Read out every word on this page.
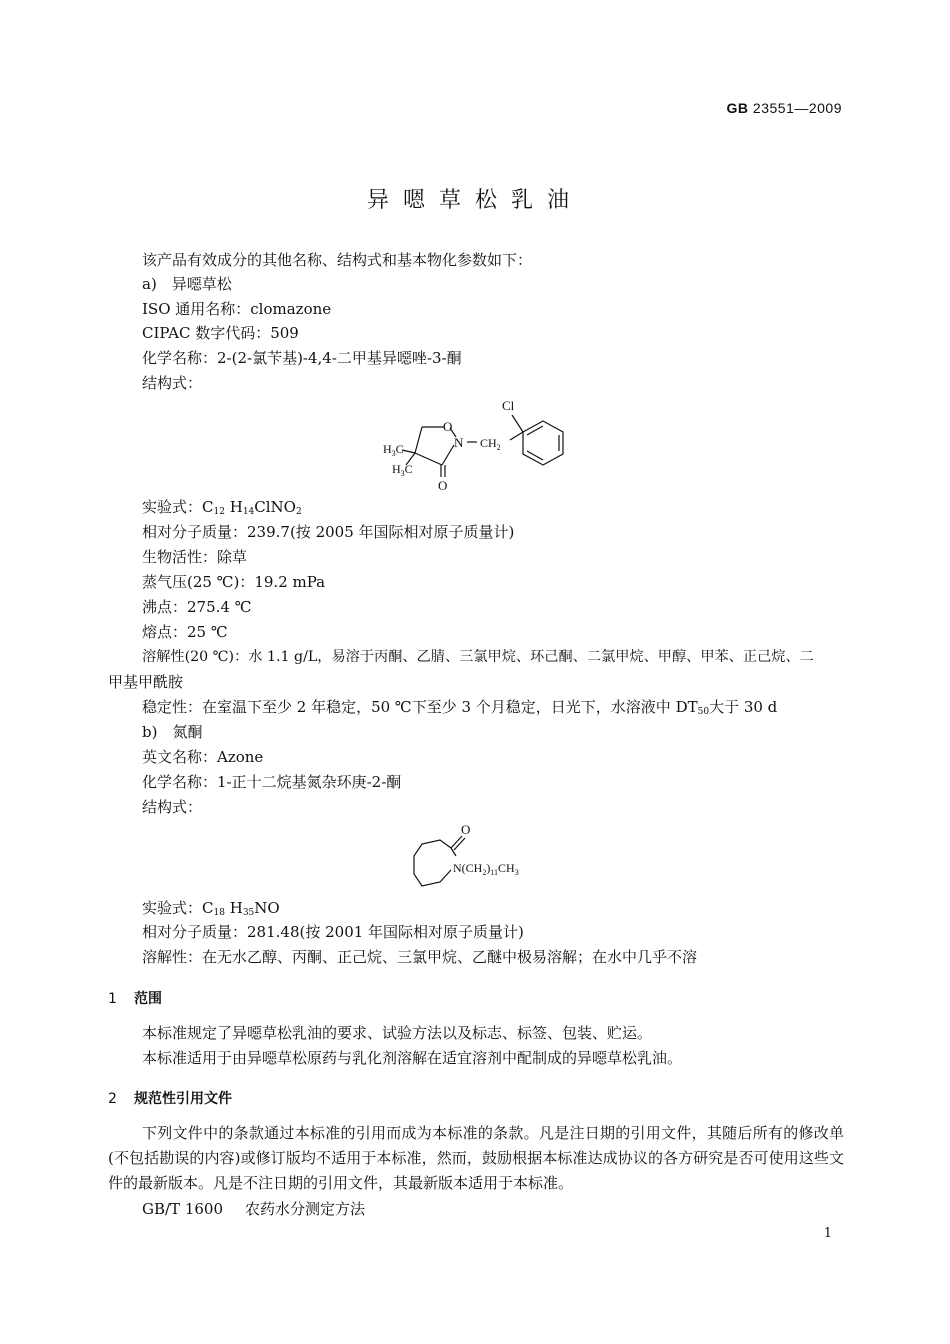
GB 23551—2009
异嗯草松乳油
该产品有效成分的其他名称、结构式和基本物化参数如下：
a)　异噁草松
ISO 通用名称：clomazone
CIPAC 数字代码：509
化学名称：2-(2-氯苄基)-4,4-二甲基异噁唑-3-酮
结构式：
Cl
O
N $CH_2$
$H_3C$
$H_3C$
O
实验式：$C_{12}$ $H_{14}ClNO_2$
相对分子质量：239.7(按 2005 年国际相对原子质量计)
生物活性：除草
蒸气压(25 ℃)：19.2 mPa
沸点：275.4 ℃
熔点：25 ℃
溶解性(20 ℃)：水 1.1 g/L，易溶于丙酮、乙腈、三氯甲烷、环己酮、二氯甲烷、甲醇、甲苯、正己烷、二
甲基甲酰胺
稳定性：在室温下至少 2 年稳定，50 ℃下至少 3 个月稳定，日光下，水溶液中 $DT_{50}$大于 30 d
b)　氮酮
英文名称：Azone
化学名称：1-正十二烷基氮杂环庚-2-酮
结构式：
O
$N(CH_2)_{11}CH_3$
实验式：$C_{18}$ $H_{35}NO$
相对分子质量：281.48(按 2001 年国际相对原子质量计)
溶解性：在无水乙醇、丙酮、正己烷、三氯甲烷、乙醚中极易溶解；在水中几乎不溶
1 范围
本标准规定了异噁草松乳油的要求、试验方法以及标志、标签、包装、贮运。
本标准适用于由异噁草松原药与乳化剂溶解在适宜溶剂中配制成的异噁草松乳油。
2 规范性引用文件
下列文件中的条款通过本标准的引用而成为本标准的条款。凡是注日期的引用文件，其随后所有的修改单(不包括勘误的内容)或修订版均不适用于本标准，然而，鼓励根据本标准达成协议的各方研究是否可使用这些文件的最新版本。凡是不注日期的引用文件，其最新版本适用于本标准。
GB/T 1600 农药水分测定方法
1
